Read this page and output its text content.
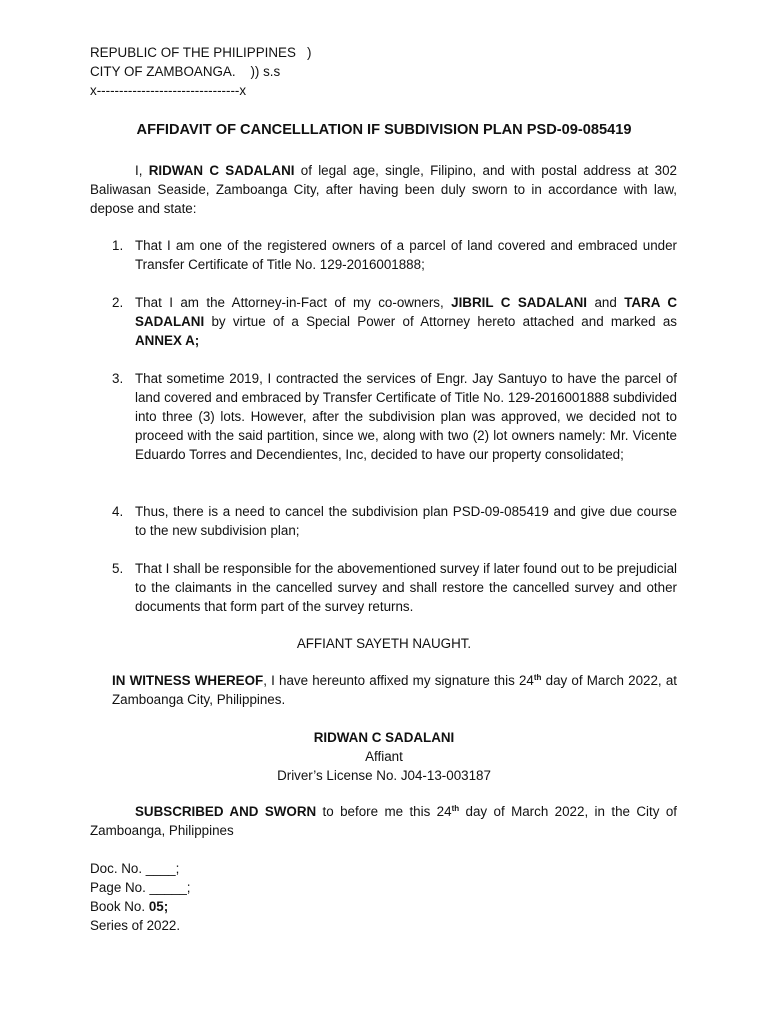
REPUBLIC OF THE PHILIPPINES   )
CITY OF ZAMBOANGA.    )) s.s
x--------------------------------x
AFFIDAVIT OF CANCELLLATION IF SUBDIVISION PLAN PSD-09-085419
I, RIDWAN C SADALANI of legal age, single, Filipino, and with postal address at 302 Baliwasan Seaside, Zamboanga City, after having been duly sworn to in accordance with law, depose and state:
1. That I am one of the registered owners of a parcel of land covered and embraced under Transfer Certificate of Title No. 129-2016001888;
2. That I am the Attorney-in-Fact of my co-owners, JIBRIL C SADALANI and TARA C SADALANI by virtue of a Special Power of Attorney hereto attached and marked as ANNEX A;
3. That sometime 2019, I contracted the services of Engr. Jay Santuyo to have the parcel of land covered and embraced by Transfer Certificate of Title No. 129-2016001888 subdivided into three (3) lots. However, after the subdivision plan was approved, we decided not to proceed with the said partition, since we, along with two (2) lot owners namely: Mr. Vicente Eduardo Torres and Decendientes, Inc, decided to have our property consolidated;
4. Thus, there is a need to cancel the subdivision plan PSD-09-085419 and give due course to the new subdivision plan;
5. That I shall be responsible for the abovementioned survey if later found out to be prejudicial to the claimants in the cancelled survey and shall restore the cancelled survey and other documents that form part of the survey returns.
AFFIANT SAYETH NAUGHT.
IN WITNESS WHEREOF, I have hereunto affixed my signature this 24th day of March 2022, at Zamboanga City, Philippines.
RIDWAN C SADALANI
Affiant
Driver’s License No. J04-13-003187
SUBSCRIBED AND SWORN to before me this 24th day of March 2022, in the City of Zamboanga, Philippines
Doc. No. ____;
Page No. _____;
Book No. 05;
Series of 2022.
